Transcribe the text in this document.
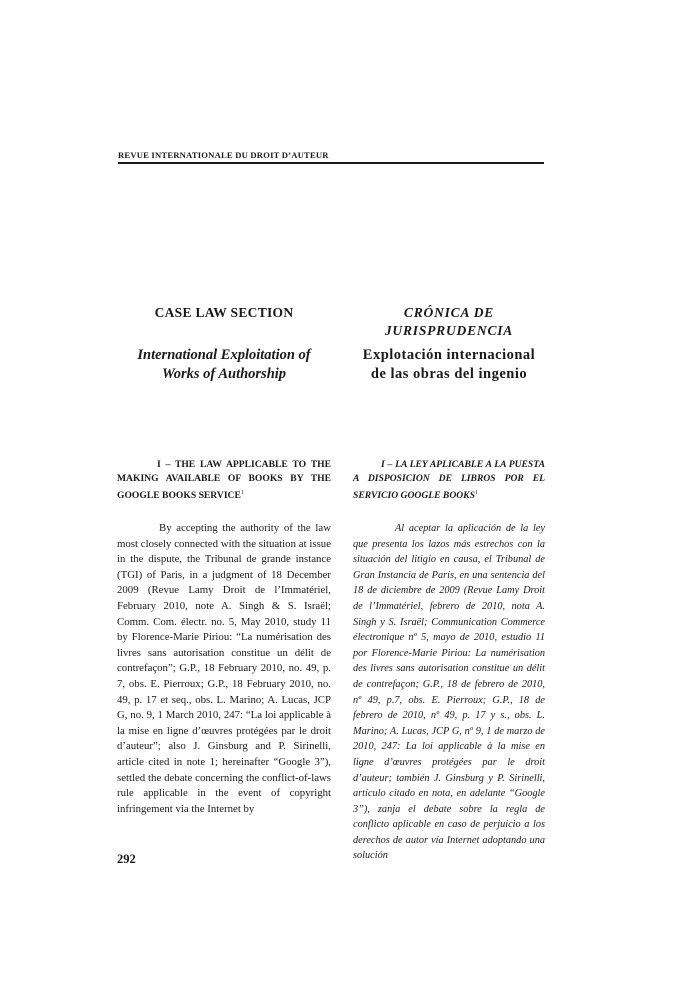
REVUE INTERNATIONALE DU DROIT D’AUTEUR
CASE LAW SECTION	CRÓNICA DE JURISPRUDENCIA
International Exploitation of Works of Authorship
Explotación internacional de las obras del ingenio
I – THE LAW APPLICABLE TO THE MAKING AVAILABLE OF BOOKS BY THE GOOGLE BOOKS SERVICE$^1$
I – LA LEY APLICABLE A LA PUESTA A DISPOSICION DE LIBROS POR EL SERVICIO GOOGLE BOOKS$^1$

By accepting the authority of the law most closely connected with the situation at issue in the dispute, the Tribunal de grande instance (TGI) of Paris, in a judgment of 18 December 2009 (Revue Lamy Droit de l’Immatériel, February 2010, note A. Singh & S. Israël; Comm. Com. électr. no. 5, May 2010, study 11 by Florence-Marie Piriou: “La numérisation des livres sans autorisation constitue un délit de contrefaçon”; G.P., 18 February 2010, no. 49, p. 7, obs. E. Pierroux; G.P., 18 February 2010, no. 49, p. 17 et seq., obs. L. Marino; A. Lucas, JCP G, no. 9, 1 March 2010, 247: “La loi applicable à la mise en ligne d’œuvres protégées par le droit d’auteur”; also J. Ginsburg and P. Sirinelli, article cited in note 1; hereinafter “Google 3”), settled the debate concerning the conflict-of-laws rule applicable in the event of copyright infringement via the Internet by

Al aceptar la aplicación de la ley que presenta los lazos más estrechos con la situación del litigio en causa, el Tribunal de Gran Instancia de París, en una sentencia del 18 de diciembre de 2009 (Revue Lamy Droit de l’Immatériel, febrero de 2010, nota A. Singh y S. Israël; Communication Commerce électronique nº 5, mayo de 2010, estudio 11 por Florence-Marie Piriou: La numérisation des livres sans autorisation constitue un délit de contrefaçon; G.P., 18 de febrero de 2010, nº 49, p.7, obs. E. Pierroux; G.P., 18 de febrero de 2010, nº 49, p. 17 y s., obs. L. Marino; A. Lucas, JCP G, nº 9, 1 de marzo de 2010, 247: La loi applicable à la mise en ligne d’œuvres protégées par le droit d’auteur; también J. Ginsburg y P. Sirinelli, artículo citado en nota, en adelante “Google 3”), zanja el debate sobre la regla de conflicto aplicable en caso de perjuicio a los derechos de autor vía Internet adoptando una solución

292
